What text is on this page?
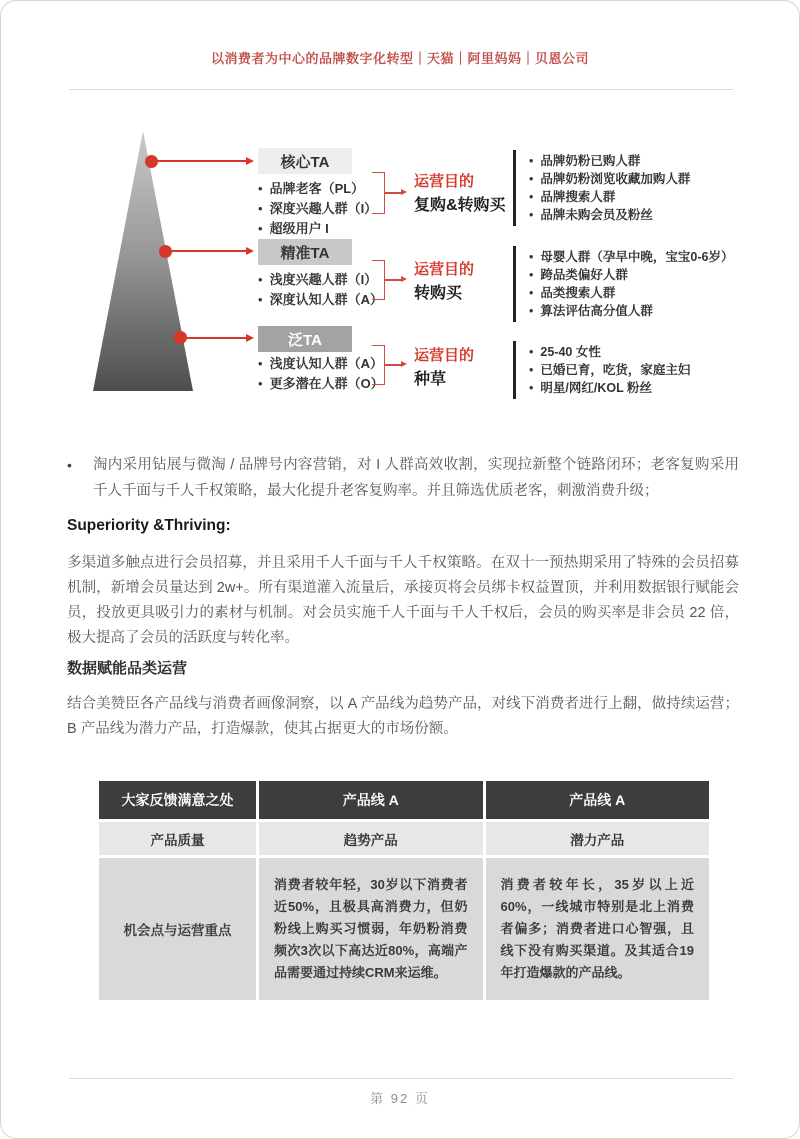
以消费者为中心的品牌数字化转型｜天猫｜阿里妈妈｜贝恩公司
核心TA
精准TA
泛TA
• 品牌老客（PL）
• 深度兴趣人群（I）
• 超级用户 I
• 浅度兴趣人群（I）
• 深度认知人群（A）
• 浅度认知人群（A）
• 更多潜在人群（O）
运营目的
复购&转购买
运营目的
转购买
运营目的
种草
• 品牌奶粉已购人群
• 品牌奶粉浏览收藏加购人群
• 品牌搜索人群
• 品牌未购会员及粉丝
• 母婴人群（孕早中晚，宝宝0-6岁）
• 跨品类偏好人群
• 品类搜索人群
• 算法评估高分值人群
• 25-40 女性
• 已婚已育，吃货，家庭主妇
• 明星/网红/KOL 粉丝
•	淘内采用钻展与微淘 / 品牌号内容营销，对 I 人群高效收割，实现拉新整个链路闭环；老客复购采用千人千面与千人千权策略，最大化提升老客复购率。并且筛选优质老客，刺激消费升级；
Superiority &Thriving:
多渠道多触点进行会员招募，并且采用千人千面与千人千权策略。在双十一预热期采用了特殊的会员招募机制，新增会员量达到 2w+。所有渠道灌入流量后，承接页将会员绑卡权益置顶，并利用数据银行赋能会员，投放更具吸引力的素材与机制。对会员实施千人千面与千人千权后，会员的购买率是非会员 22 倍，极大提高了会员的活跃度与转化率。
数据赋能品类运营
结合美赞臣各产品线与消费者画像洞察，以 A 产品线为趋势产品，对线下消费者进行上翻，做持续运营；B 产品线为潜力产品，打造爆款，使其占据更大的市场份额。
大家反馈满意之处	产品线 A	产品线 A
产品质量	趋势产品	潜力产品
机会点与运营重点	消费者较年轻，30岁以下消费者近50%，且极具高消费力，但奶粉线上购买习惯弱，年奶粉消费频次3次以下高达近80%，高端产品需要通过持续CRM来运维。	消费者较年长，35岁以上近60%，一线城市特别是北上消费者偏多；消费者进口心智强，且线下没有购买渠道。及其适合19年打造爆款的产品线。
第 92 页
